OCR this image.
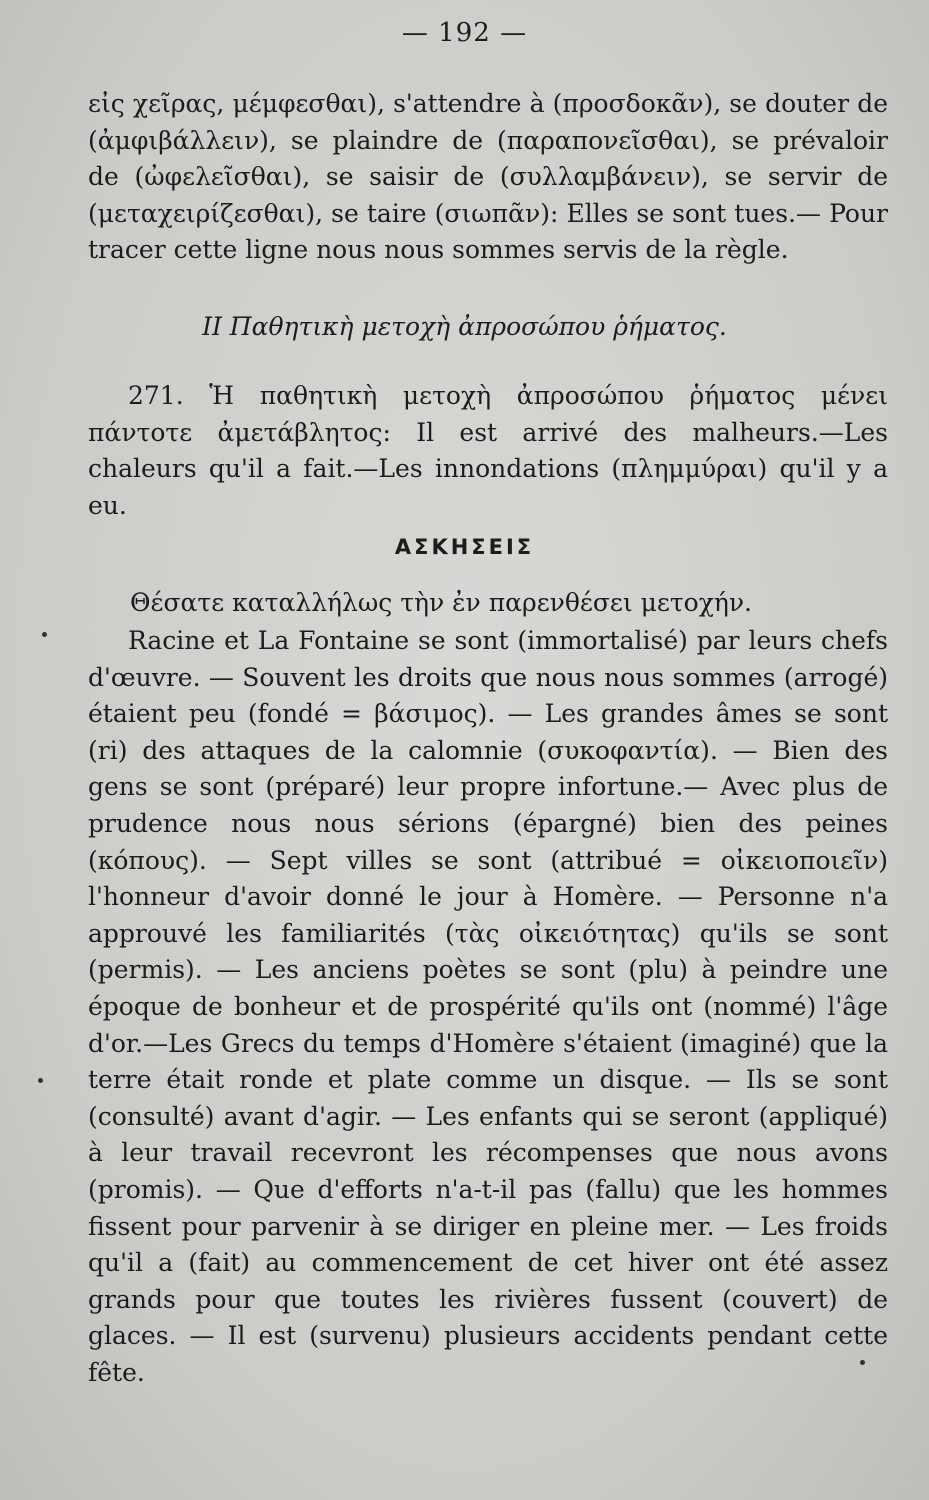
— 192 —

εἰς χεῖρας, μέμφεσθαι), s'attendre à (προσδοκᾶν), se douter de (ἀμφιβάλλειν), se plaindre de (παραπονεῖσθαι), se prévaloir de (ὠφελεῖσθαι), se saisir de (συλλαμβάνειν), se servir de (μεταχειρίζεσθαι), se taire (σιωπᾶν): Elles se sont tues.— Pour tracer cette ligne nous nous sommes servis de la règle.

II Παθητικὴ μετοχὴ ἀπροσώπου ῥήματος.

271. Ἡ παθητικὴ μετοχὴ ἀπροσώπου ῥήματος μένει πάντοτε ἀμετάβλητος: Il est arrivé des malheurs.—Les chaleurs qu'il a fait.—Les innondations (πλημμύραι) qu'il y a eu.

ΑΣΚΗΣΕΙΣ
Θέσατε καταλλήλως τὴν ἐν παρενθέσει μετοχήν.

Racine et La Fontaine se sont (immortalisé) par leurs chefs d'œuvre. — Souvent les droits que nous nous sommes (arrogé) étaient peu (fondé = βάσιμος). — Les grandes âmes se sont (ri) des attaques de la calomnie (συκοφαντία). — Bien des gens se sont (préparé) leur propre infortune.— Avec plus de prudence nous nous sérions (épargné) bien des peines (κόπους). — Sept villes se sont (attribué = οἰκειοποιεῖν) l'honneur d'avoir donné le jour à Homère. — Personne n'a approuvé les familiarités (τὰς οἰκειότητας) qu'ils se sont (permis). — Les anciens poètes se sont (plu) à peindre une époque de bonheur et de prospérité qu'ils ont (nommé) l'âge d'or.—Les Grecs du temps d'Homère s'étaient (imaginé) que la terre était ronde et plate comme un disque. — Ils se sont (consulté) avant d'agir. — Les enfants qui se seront (appliqué) à leur travail recevront les récompenses que nous avons (promis). — Que d'efforts n'a-t-il pas (fallu) que les hommes fissent pour parvenir à se diriger en pleine mer. — Les froids qu'il a (fait) au commencement de cet hiver ont été assez grands pour que toutes les rivières fussent (couvert) de glaces. — Il est (survenu) plusieurs accidents pendant cette fête.
